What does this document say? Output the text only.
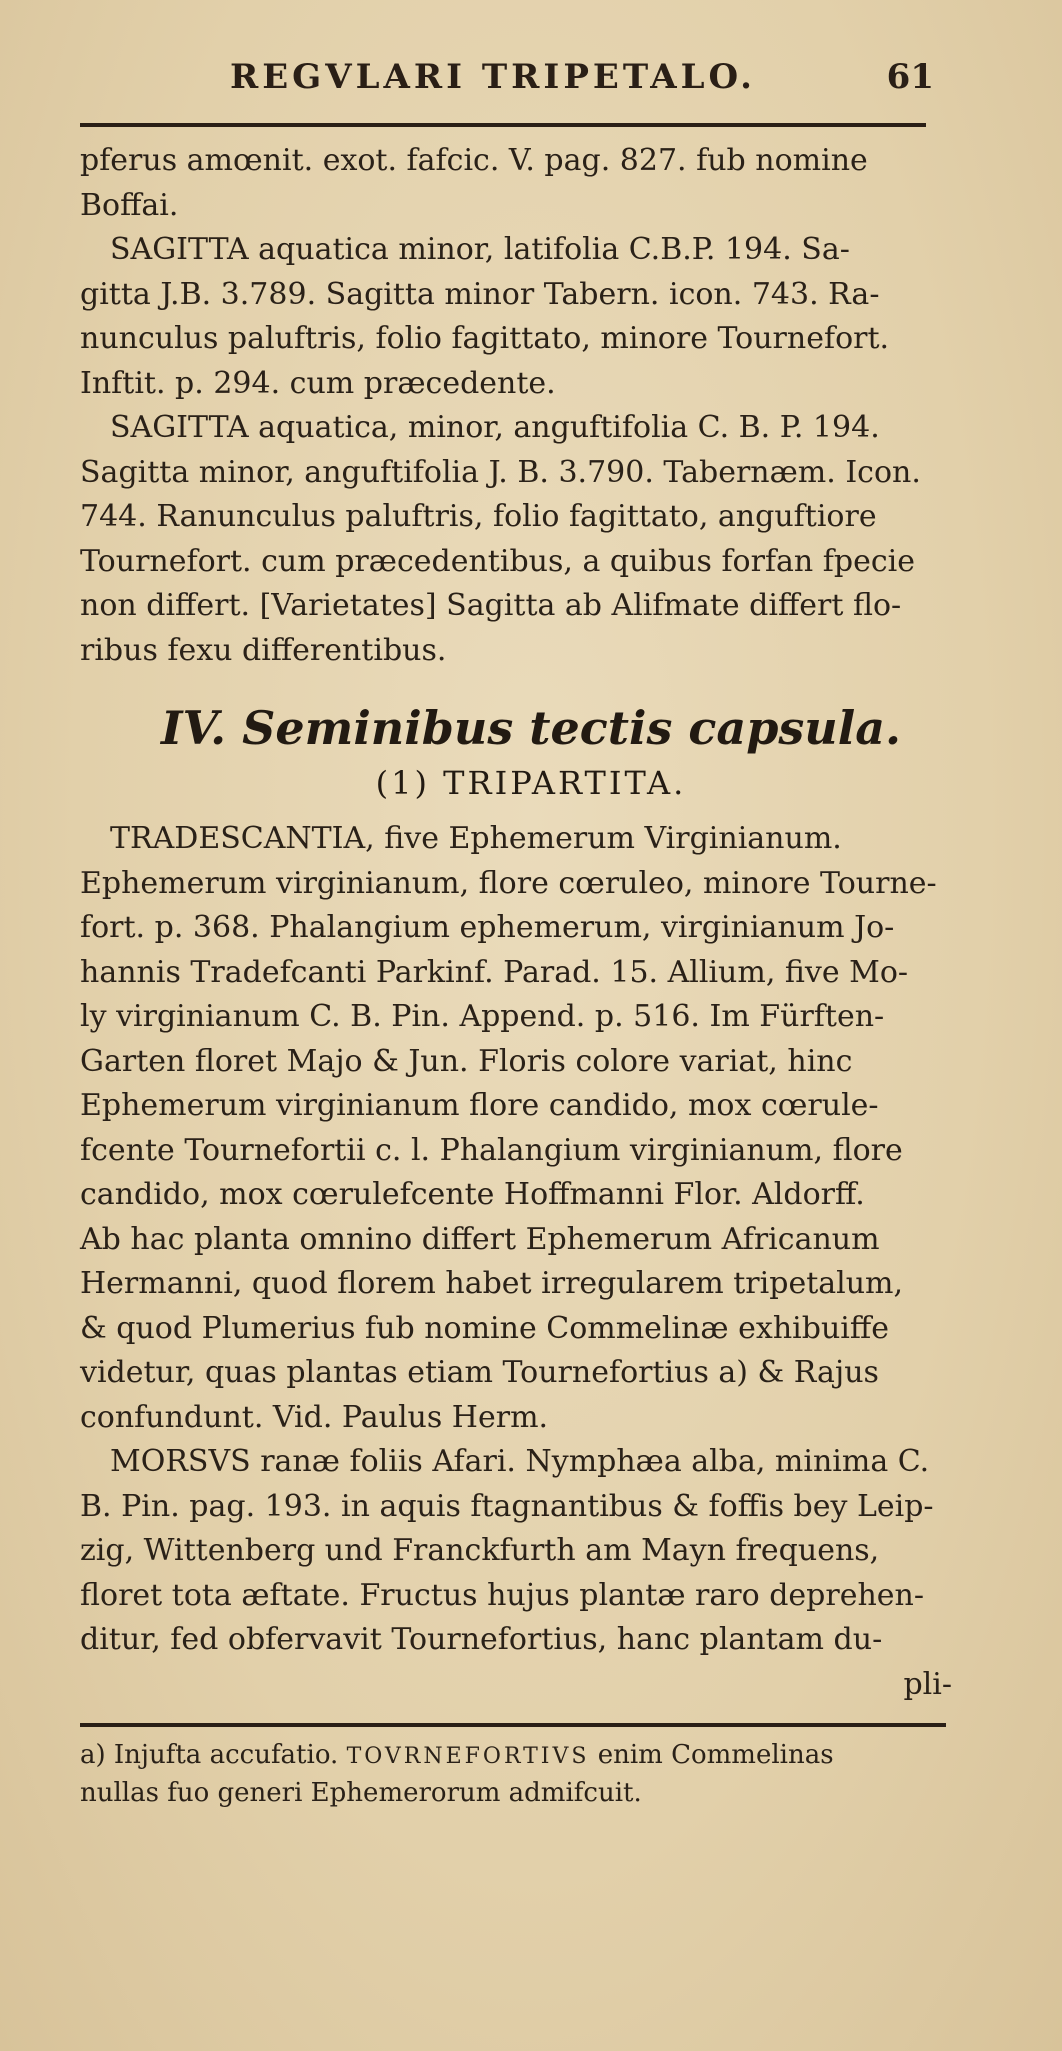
REGVLARI TRIPETALO.	61

pferus amœnit. exot. fafcic. V. pag. 827. fub nomine

Boffai.

SAGITTA aquatica minor, latifolia C.B.P. 194. Sa-

gitta J.B. 3.789. Sagitta minor Tabern. icon. 743. Ra-

nunculus paluftris, folio fagittato, minore Tournefort.

Inftit. p. 294. cum præcedente.

SAGITTA aquatica, minor, anguftifolia C. B. P. 194.

Sagitta minor, anguftifolia J. B. 3.790. Tabernæm. Icon.

744. Ranunculus paluftris, folio fagittato, anguftiore

Tournefort. cum præcedentibus, a quibus forfan fpecie

non differt. [Varietates] Sagitta ab Alifmate differt flo-

ribus fexu differentibus.

IV. Seminibus tectis capsula.
(1) TRIPARTITA.

TRADESCANTIA, five Ephemerum Virginianum.

Ephemerum virginianum, flore cœruleo, minore Tourne-

fort. p. 368. Phalangium ephemerum, virginianum Jo-

hannis Tradefcanti Parkinf. Parad. 15. Allium, five Mo-

ly virginianum C. B. Pin. Append. p. 516. Im Fürften-

Garten floret Majo & Jun. Floris colore variat, hinc

Ephemerum virginianum flore candido, mox cœrule-

fcente Tournefortii c. l. Phalangium virginianum, flore

candido, mox cœrulefcente Hoffmanni Flor. Aldorff.

Ab hac planta omnino differt Ephemerum Africanum

Hermanni, quod florem habet irregularem tripetalum,

& quod Plumerius fub nomine Commelinæ exhibuiffe

videtur, quas plantas etiam Tournefortius a) & Rajus

confundunt. Vid. Paulus Herm.

MORSVS ranæ foliis Afari. Nymphæa alba, minima C.

B. Pin. pag. 193. in aquis ftagnantibus & foffis bey Leip-

zig, Wittenberg und Franckfurth am Mayn frequens,

floret tota æftate. Fructus hujus plantæ raro deprehen-

ditur, fed obfervavit Tournefortius, hanc plantam du-

pli-

a) Injufta accufatio. TOVRNEFORTIVS enim Commelinas
nullas fuo generi Ephemerorum admifcuit.
